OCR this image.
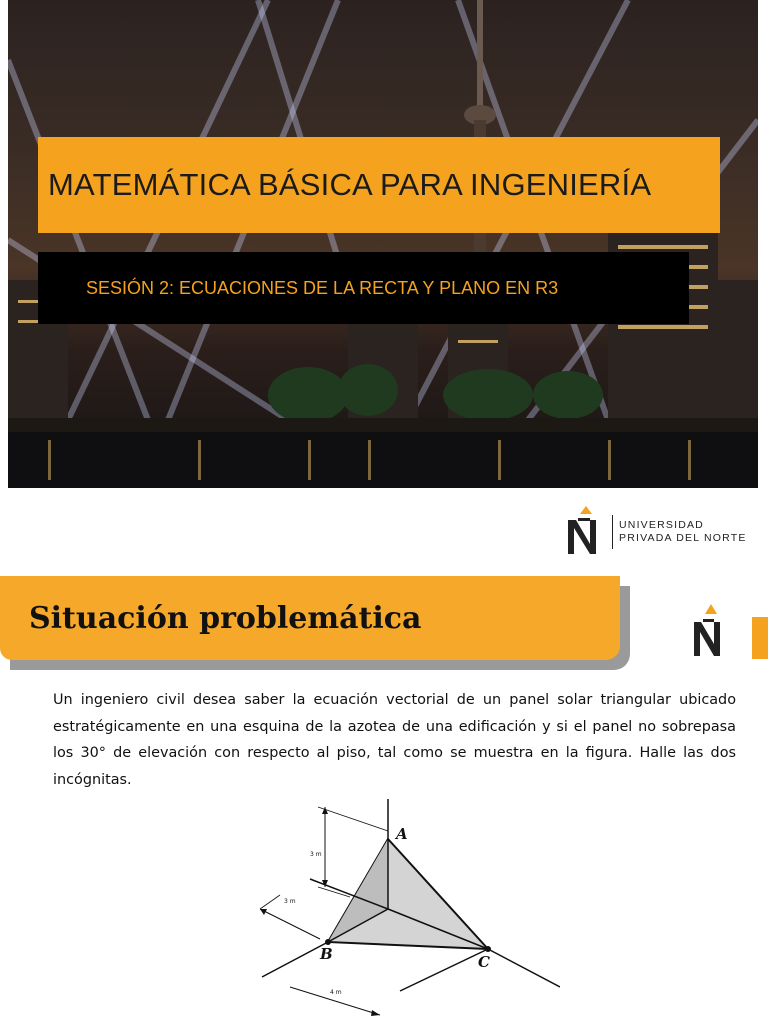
MATEMÁTICA BÁSICA PARA INGENIERÍA
SESIÓN 2: ECUACIONES DE LA RECTA Y PLANO EN R3
UNIVERSIDAD
PRIVADA DEL NORTE
Situación problemática
Un ingeniero civil desea saber la ecuación vectorial de un panel solar triangular ubicado estratégicamente en una esquina de la azotea de una edificación y si el panel no sobrepasa los 30° de elevación con respecto al piso, tal como se muestra en la figura. Halle las dos incógnitas.
A
B	C
3 m
3 m
4 m
